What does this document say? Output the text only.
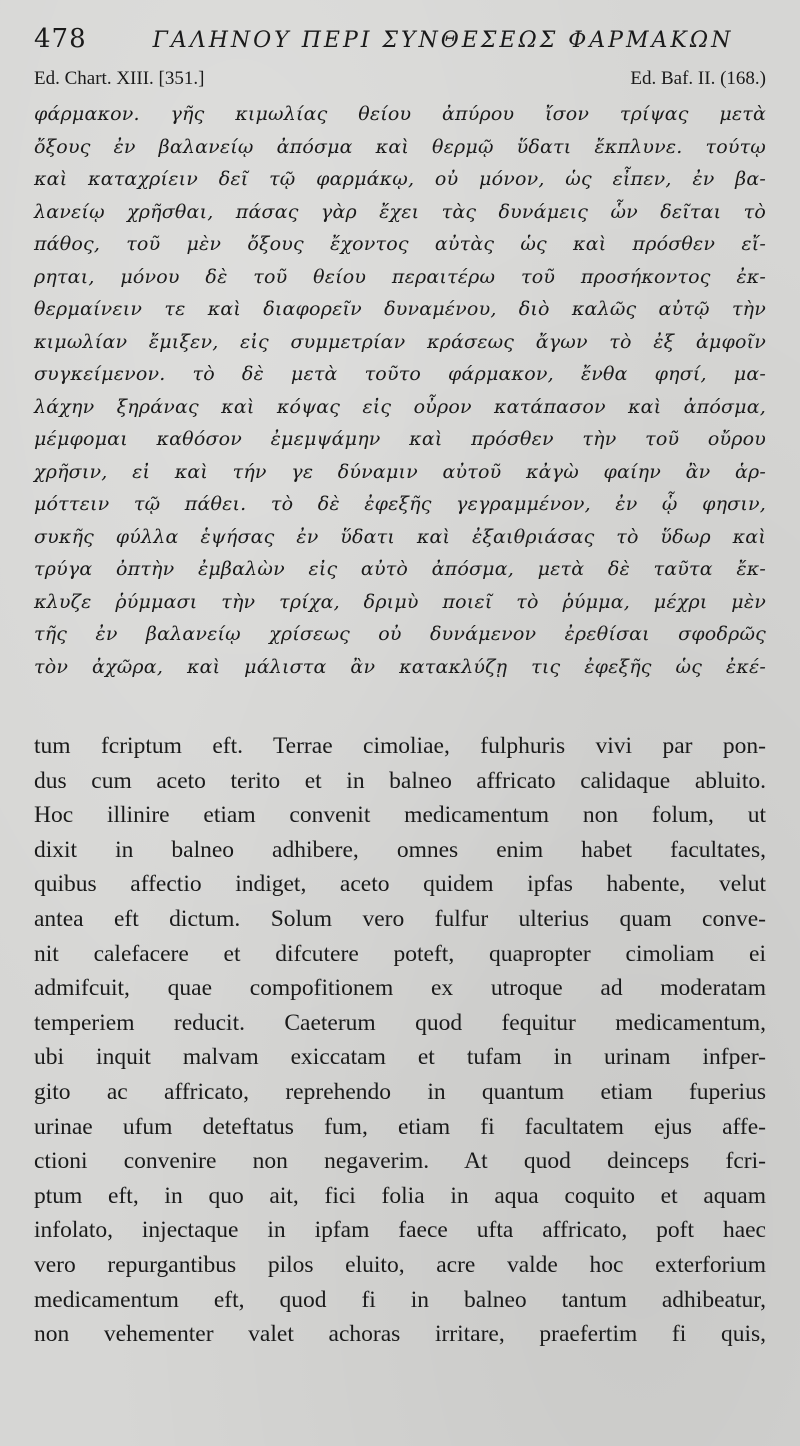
478	ΓΑΛΗΝΟΥ ΠΕΡΙ ΣΥΝΘΕΣΕΩΣ ΦΑΡΜΑΚΩΝ
Ed. Chart. XIII. [351.]	Ed. Baf. II. (168.)
φάρμακον. γῆς κιμωλίας θείου ἀπύρου ἴσον τρίψας μετὰ
ὄξους ἐν βαλανείῳ ἀπόσμα καὶ θερμῷ ὕδατι ἔκπλυνε. τούτῳ
καὶ καταχρίειν δεῖ τῷ φαρμάκῳ, οὐ μόνον, ὡς εἶπεν, ἐν βα-
λανείῳ χρῆσθαι, πάσας γὰρ ἔχει τὰς δυνάμεις ὧν δεῖται τὸ
πάθος, τοῦ μὲν ὄξους ἔχοντος αὐτὰς ὡς καὶ πρόσθεν εἴ-
ρηται, μόνου δὲ τοῦ θείου περαιτέρω τοῦ προσήκοντος ἐκ-
θερμαίνειν τε καὶ διαφορεῖν δυναμένου, διὸ καλῶς αὐτῷ τὴν
κιμωλίαν ἔμιξεν, εἰς συμμετρίαν κράσεως ἄγων τὸ ἐξ ἀμφοῖν
συγκείμενον. τὸ δὲ μετὰ τοῦτο φάρμακον, ἔνθα φησί, μα-
λάχην ξηράνας καὶ κόψας εἰς οὖρον κατάπασον καὶ ἀπόσμα,
μέμφομαι καθόσον ἐμεμψάμην καὶ πρόσθεν τὴν τοῦ οὔρου
χρῆσιν, εἰ καὶ τήν γε δύναμιν αὐτοῦ κἀγὼ φαίην ἂν ἁρ-
μόττειν τῷ πάθει. τὸ δὲ ἐφεξῆς γεγραμμένον, ἐν ᾧ φησιν,
συκῆς φύλλα ἑψήσας ἐν ὕδατι καὶ ἐξαιθριάσας τὸ ὕδωρ καὶ
τρύγα ὀπτὴν ἐμβαλὼν εἰς αὐτὸ ἀπόσμα, μετὰ δὲ ταῦτα ἔκ-
κλυζε ῥύμμασι τὴν τρίχα, δριμὺ ποιεῖ τὸ ῥύμμα, μέχρι μὲν
τῆς ἐν βαλανείῳ χρίσεως οὐ δυνάμενον ἐρεθίσαι σφοδρῶς
τὸν ἀχῶρα, καὶ μάλιστα ἂν κατακλύζῃ τις ἐφεξῆς ὡς ἐκέ-
tum fcriptum eft. Terrae cimoliae, fulphuris vivi par pon-
dus cum aceto terito et in balneo affricato calidaque abluito.
Hoc illinire etiam convenit medicamentum non folum, ut
dixit in balneo adhibere, omnes enim habet facultates,
quibus affectio indiget, aceto quidem ipfas habente, velut
antea eft dictum. Solum vero fulfur ulterius quam conve-
nit calefacere et difcutere poteft, quapropter cimoliam ei
admifcuit, quae compofitionem ex utroque ad moderatam
temperiem reducit. Caeterum quod fequitur medicamentum,
ubi inquit malvam exiccatam et tufam in urinam infper-
gito ac affricato, reprehendo in quantum etiam fuperius
urinae ufum deteftatus fum, etiam fi facultatem ejus affe-
ctioni convenire non negaverim. At quod deinceps fcri-
ptum eft, in quo ait, fici folia in aqua coquito et aquam
infolato, injectaque in ipfam faece ufta affricato, poft haec
vero repurgantibus pilos eluito, acre valde hoc exterforium
medicamentum eft, quod fi in balneo tantum adhibeatur,
non vehementer valet achoras irritare, praefertim fi quis,
